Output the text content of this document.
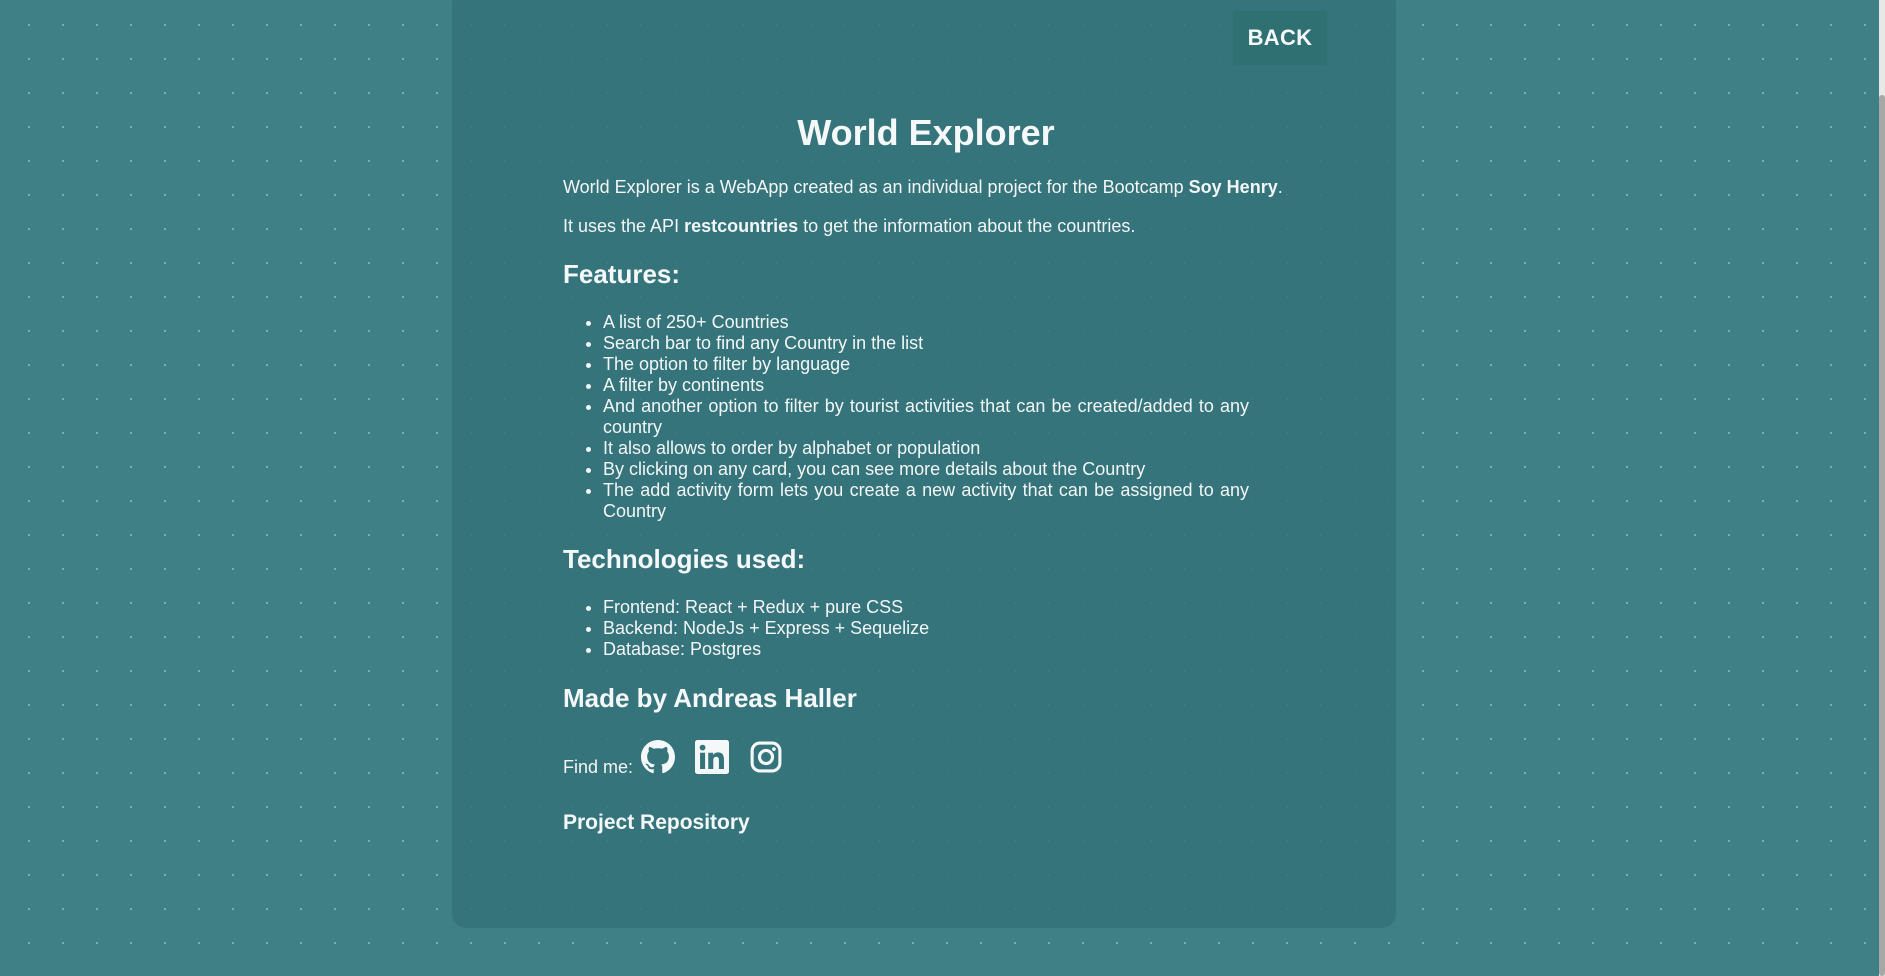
BACK
World Explorer

World Explorer is a WebApp created as an individual project for the Bootcamp Soy Henry.

It uses the API restcountries to get the information about the countries.

Features:
• A list of 250+ Countries
• Search bar to find any Country in the list
• The option to filter by language
• A filter by continents
• And another option to filter by tourist activities that can be created/added to any country
• It also allows to order by alphabet or population
• By clicking on any card, you can see more details about the Country
• The add activity form lets you create a new activity that can be assigned to any Country
Technologies used:
• Frontend: React + Redux + pure CSS
• Backend: NodeJs + Express + Sequelize
• Database: Postgres
Made by Andreas Haller
Find me:
Project Repository
